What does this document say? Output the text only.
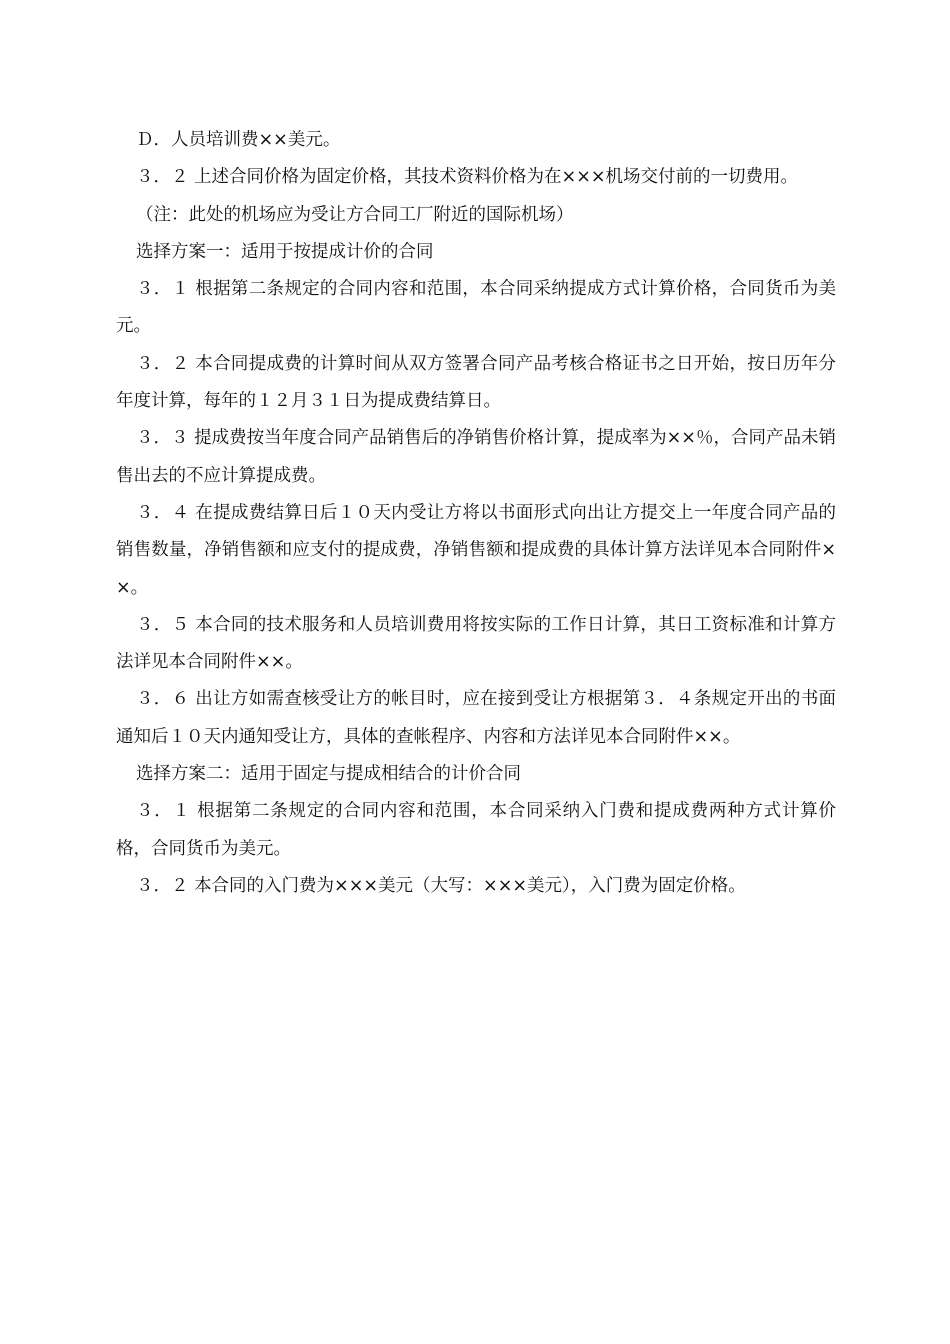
Ｄ．人员培训费××美元。

３．２ 上述合同价格为固定价格，其技术资料价格为在×××机场交付前的一切费用。

（注：此处的机场应为受让方合同工厂附近的国际机场）

选择方案一：适用于按提成计价的合同

３．１ 根据第二条规定的合同内容和范围，本合同采纳提成方式计算价格，合同货币为美元。

３．２ 本合同提成费的计算时间从双方签署合同产品考核合格证书之日开始，按日历年分年度计算，每年的１２月３１日为提成费结算日。

３．３ 提成费按当年度合同产品销售后的净销售价格计算，提成率为××％，合同产品未销售出去的不应计算提成费。

３．４ 在提成费结算日后１０天内受让方将以书面形式向出让方提交上一年度合同产品的销售数量，净销售额和应支付的提成费，净销售额和提成费的具体计算方法详见本合同附件××。

３．５ 本合同的技术服务和人员培训费用将按实际的工作日计算，其日工资标准和计算方法详见本合同附件××。

３．６ 出让方如需查核受让方的帐目时，应在接到受让方根据第３．４条规定开出的书面通知后１０天内通知受让方，具体的查帐程序、内容和方法详见本合同附件××。

选择方案二：适用于固定与提成相结合的计价合同

３．１ 根据第二条规定的合同内容和范围，本合同采纳入门费和提成费两种方式计算价格，合同货币为美元。

３．２ 本合同的入门费为×××美元（大写：×××美元），入门费为固定价格。
